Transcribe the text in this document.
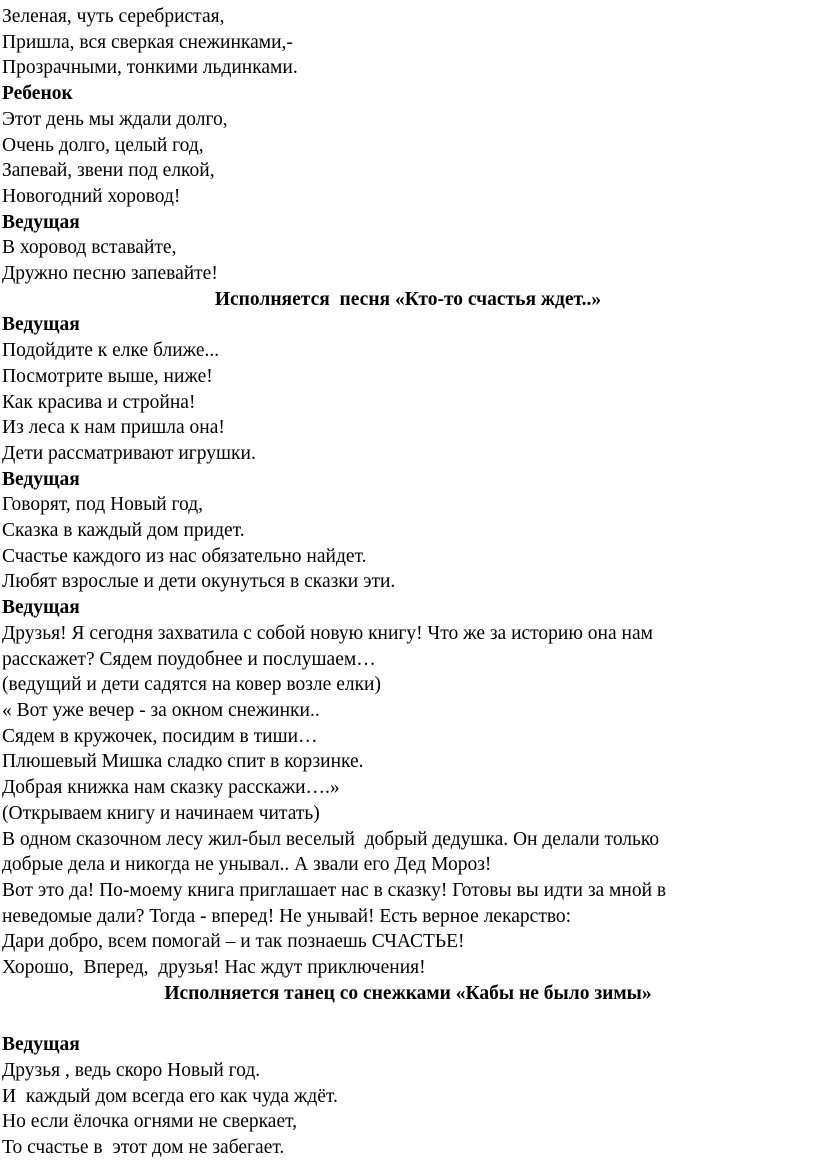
Зеленая, чуть серебристая,

Пришла, вся сверкая снежинками,-

Прозрачными, тонкими льдинками.

Ребенок

Этот день мы ждали долго,

Очень долго, целый год,

Запевай, звени под елкой,

Новогодний хоровод!

Ведущая

В хоровод вставайте,

Дружно песню запевайте!

Исполняется  песня «Кто-то счастья ждет..»

Ведущая

Подойдите к елке ближе...

Посмотрите выше, ниже!

Как красива и стройна!

Из леса к нам пришла она!

Дети рассматривают игрушки.

Ведущая

Говорят, под Новый год,

Сказка в каждый дом придет.

Счастье каждого из нас обязательно найдет.

Любят взрослые и дети окунуться в сказки эти.

Ведущая

Друзья! Я сегодня захватила с собой новую книгу! Что же за историю она нам

расскажет? Сядем поудобнее и послушаем…

(ведущий и дети садятся на ковер возле елки)

« Вот уже вечер - за окном снежинки..

Сядем в кружочек, посидим в тиши…

Плюшевый Мишка сладко спит в корзинке.

Добрая книжка нам сказку расскажи….»

(Открываем книгу и начинаем читать)

В одном сказочном лесу жил-был веселый  добрый дедушка. Он делали только

добрые дела и никогда не унывал.. А звали его Дед Мороз!

Вот это да! По-моему книга приглашает нас в сказку! Готовы вы идти за мной в

неведомые дали? Тогда - вперед! Не унывай! Есть верное лекарство:

Дари добро, всем помогай – и так познаешь СЧАСТЬЕ!

Хорошо,  Вперед,  друзья! Нас ждут приключения!

Исполняется танец со снежками «Кабы не было зимы»

Ведущая

Друзья , ведь скоро Новый год.

И  каждый дом всегда его как чуда ждёт.

Но если ёлочка огнями не сверкает,

То счастье в  этот дом не забегает.
